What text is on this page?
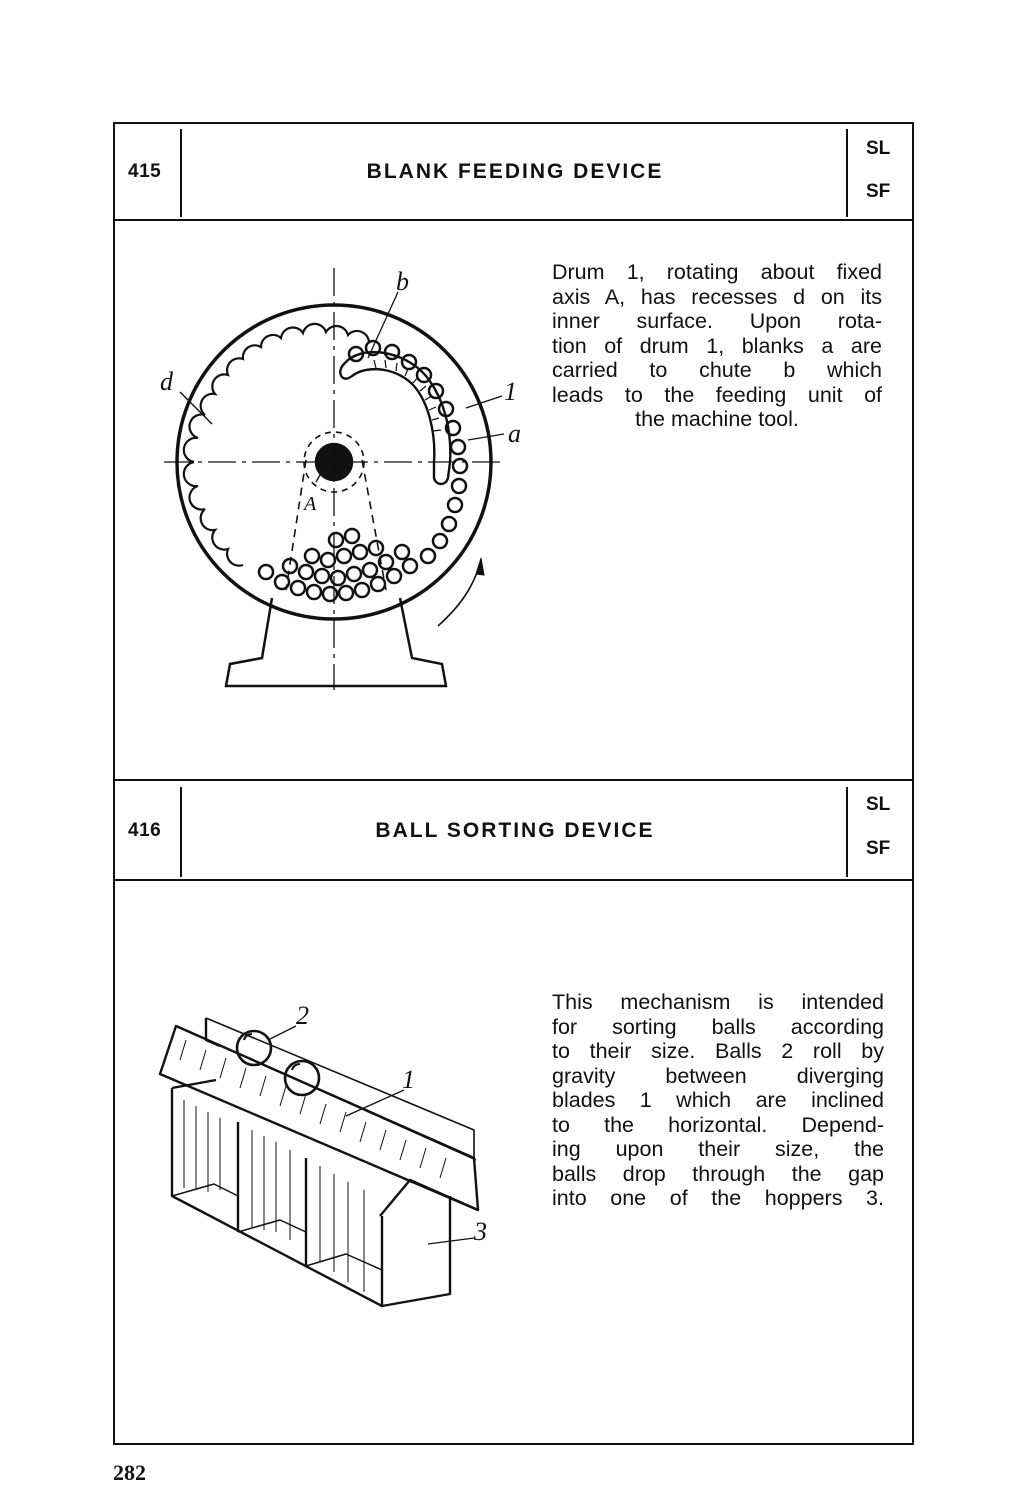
415	BLANK FEEDING DEVICE
SL
SF
b
d	1
a
A
Drum 1, rotating about fixed
axis A, has recesses d on its
inner surface. Upon rota-
tion of drum 1, blanks a are
carried to chute b which
leads to the feeding unit of
the machine tool.
416	BALL SORTING DEVICE
SL
SF
2
1
3
This mechanism is intended
for sorting balls according
to their size. Balls 2 roll by
gravity between diverging
blades 1 which are inclined
to the horizontal. Depend-
ing upon their size, the
balls drop through the gap
into one of the hoppers 3.
282
